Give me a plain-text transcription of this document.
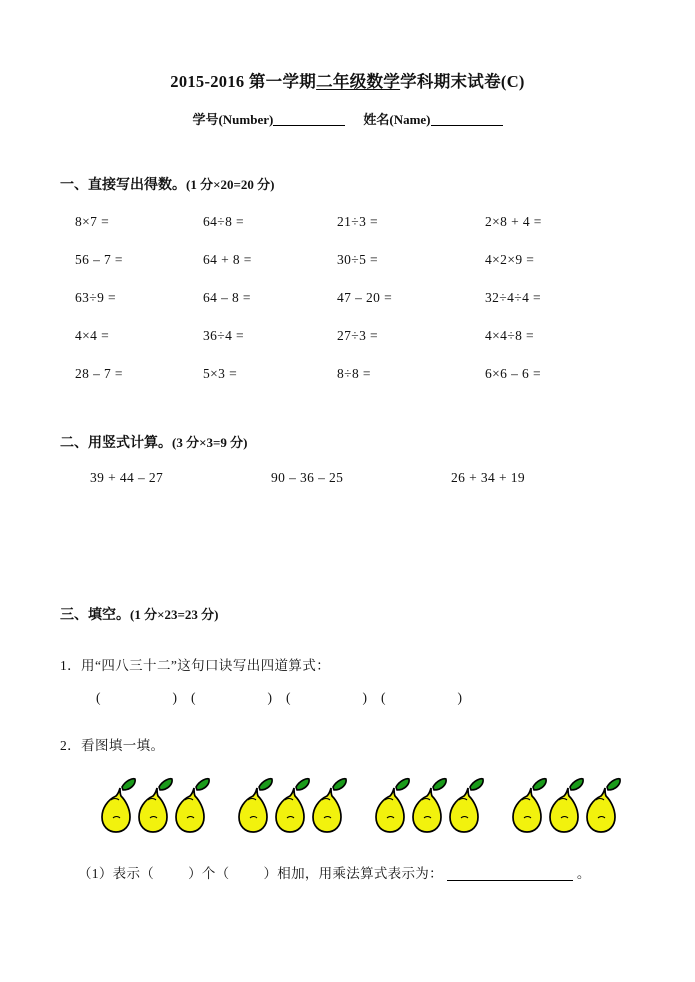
2015-2016 第一学期二年级数学学科期末试卷(C)
学号(Number)	姓名(Name)
一、直接写出得数。(1 分×20=20 分)
8×7 =	64÷8 =	21÷3 =	2×8 + 4 =
56 – 7 =	64 + 8 =	30÷5 =	4×2×9 =
63÷9 =	64 – 8 =	47 – 20 =	32÷4÷4 =
4×4 =	36÷4 =	27÷3 =	4×4÷8 =
28 – 7 =	5×3 =	8÷8 =	6×6 – 6 =
二、用竖式计算。(3 分×3=9 分)
39 + 44 – 27	90 – 36 – 25	26 + 34 + 19
三、填空。(1 分×23=23 分)
1．用“四八三十二”这句口诀写出四道算式：
(	) (	) (	) (	)
2．看图填一填。
（1）表示（	）个（	）相加，用乘法算式表示为：	。
